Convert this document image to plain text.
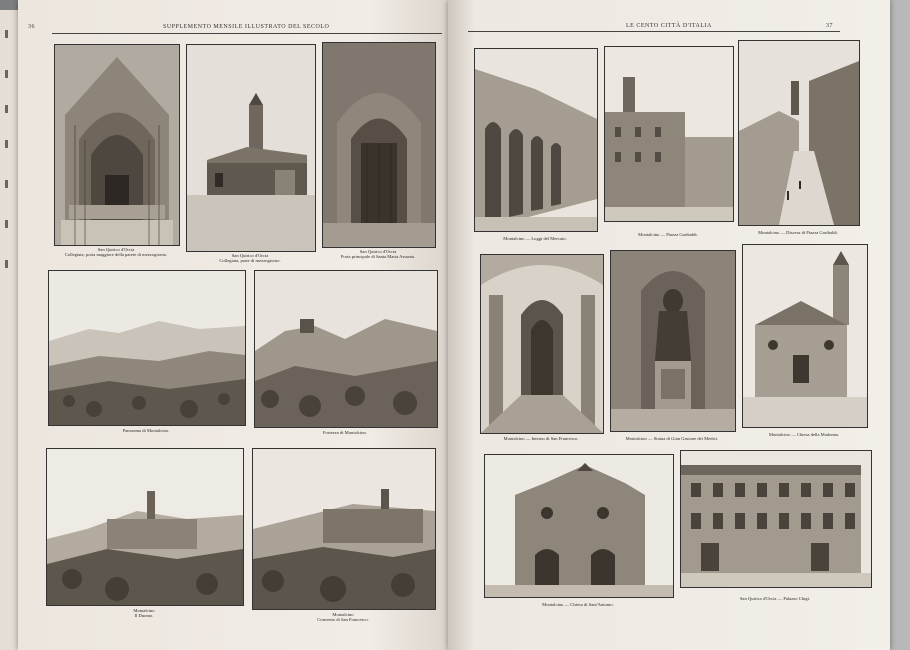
36	SUPPLEMENTO MENSILE ILLUSTRATO DEL SECOLO
San Quirico d'Orcia
Collegiata, porta maggiore della parete di mezzogiorno.	San Quirico d'Orcia
Collegiata, parte di mezzogiorno.
San Quirico d'Orcia
Porta principale di Santa Maria Assunta.
Panorama di Montalcino.	Fortezza di Montalcino.
Montalcino
Il Duomo.	Montalcino
Convento di San Francesco.
LE CENTO CITTÀ D'ITALIA	37
Montalcino — Loggi del Mercato.
Montalcino — Piazza Garibaldi.	Montalcino — Discesa di Piazza Garibaldi.
Montalcino — Interno di San Francesco.	Montalcino — Statua di Gian Gastone dei Medici.
Montalcino — Chiesa della Madonna.
Montalcino — Chiesa di Sant'Antonio.
San Quirico d'Orcia — Palazzo Chigi.
